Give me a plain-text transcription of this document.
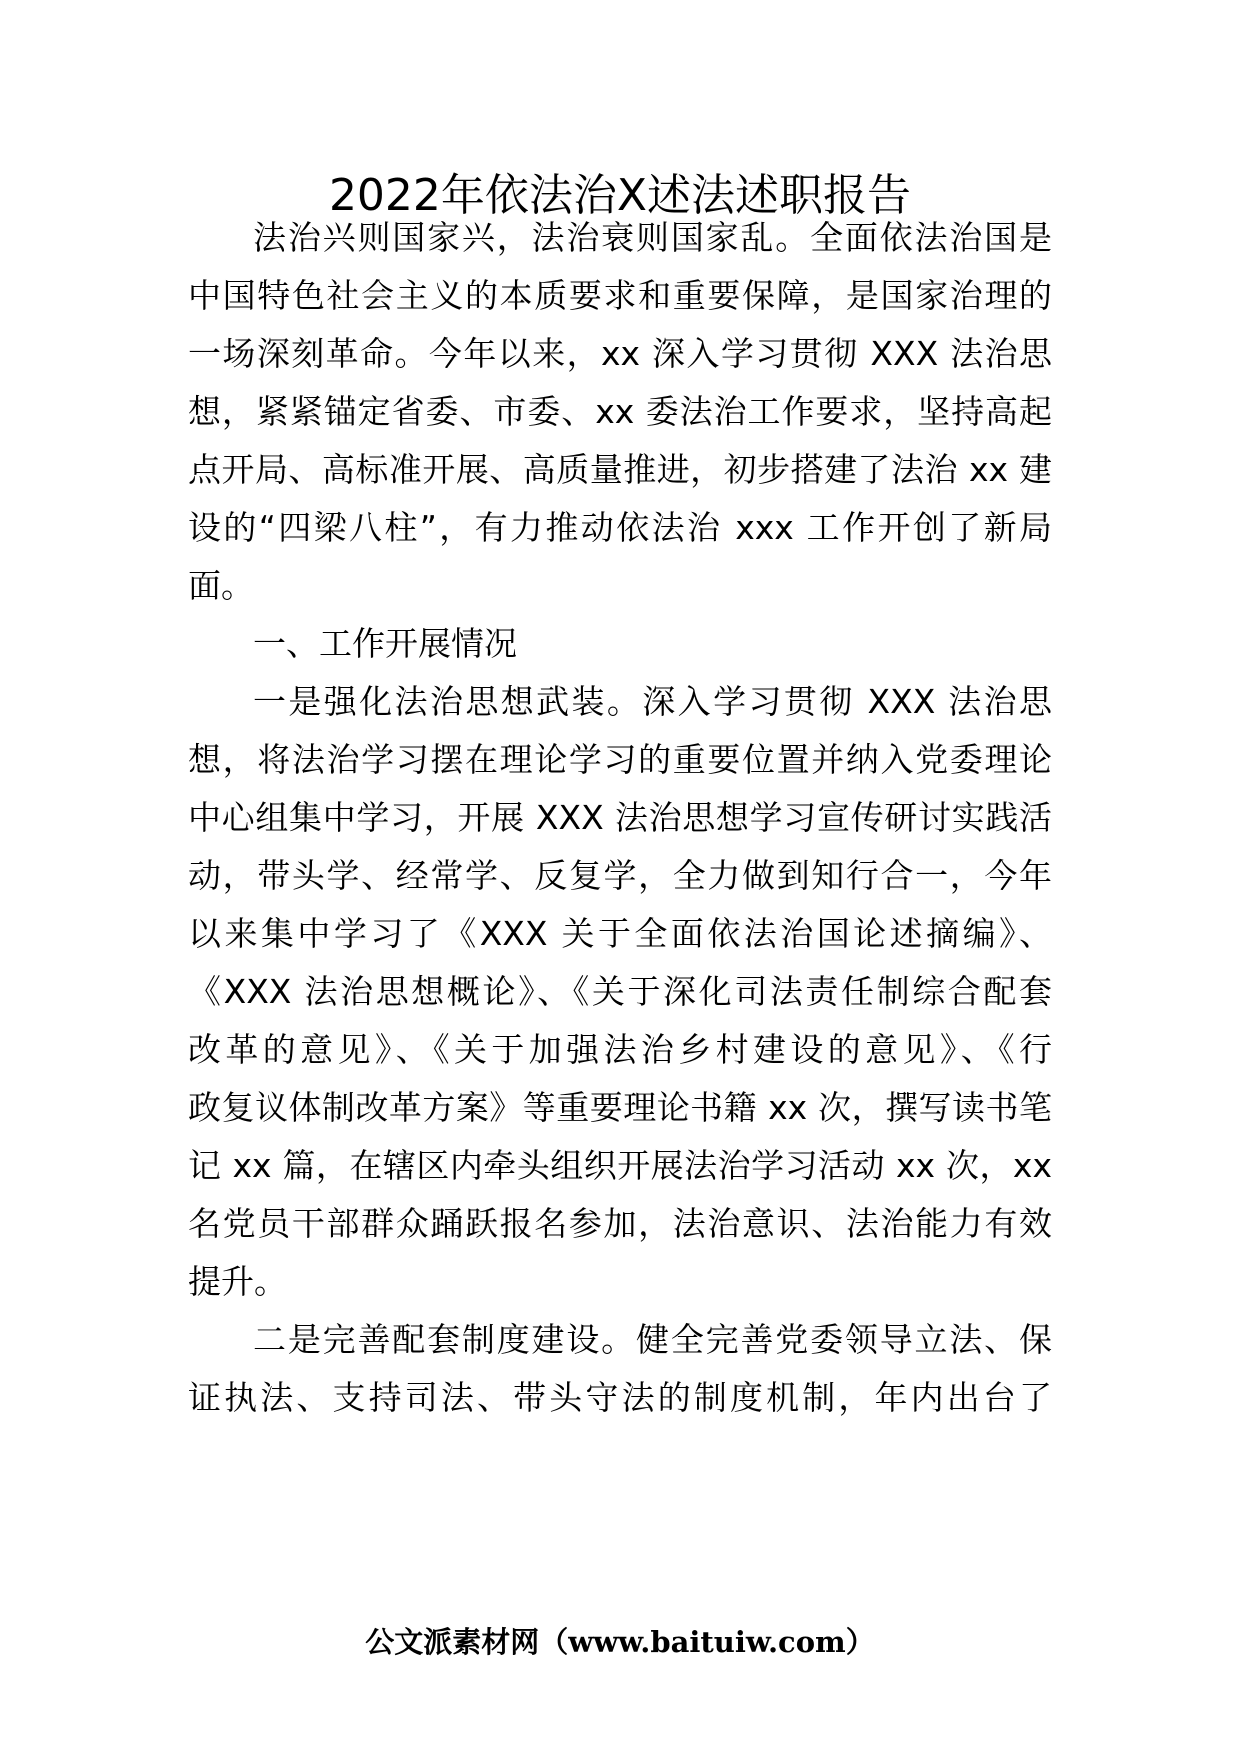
2022年依法治X述法述职报告

法治兴则国家兴，法治衰则国家乱。全面依法治国是

中国特色社会主义的本质要求和重要保障，是国家治理的

一场深刻革命。今年以来，xx 深入学习贯彻 XXX 法治思

想，紧紧锚定省委、市委、xx 委法治工作要求，坚持高起

点开局、高标准开展、高质量推进，初步搭建了法治 xx 建

设的“四梁八柱”，有力推动依法治 xxx 工作开创了新局

面。

一、工作开展情况

一是强化法治思想武装。深入学习贯彻 XXX 法治思

想，将法治学习摆在理论学习的重要位置并纳入党委理论

中心组集中学习，开展 XXX 法治思想学习宣传研讨实践活

动，带头学、经常学、反复学，全力做到知行合一，今年

以来集中学习了《XXX 关于全面依法治国论述摘编》、

《XXX 法治思想概论》、《关于深化司法责任制综合配套

改革的意见》、《关于加强法治乡村建设的意见》、《行

政复议体制改革方案》等重要理论书籍 xx 次，撰写读书笔

记 xx 篇，在辖区内牵头组织开展法治学习活动 xx 次，xx

名党员干部群众踊跃报名参加，法治意识、法治能力有效

提升。

二是完善配套制度建设。健全完善党委领导立法、保

证执法、支持司法、带头守法的制度机制，年内出台了

公文派素材网（www.baituiw.com）
